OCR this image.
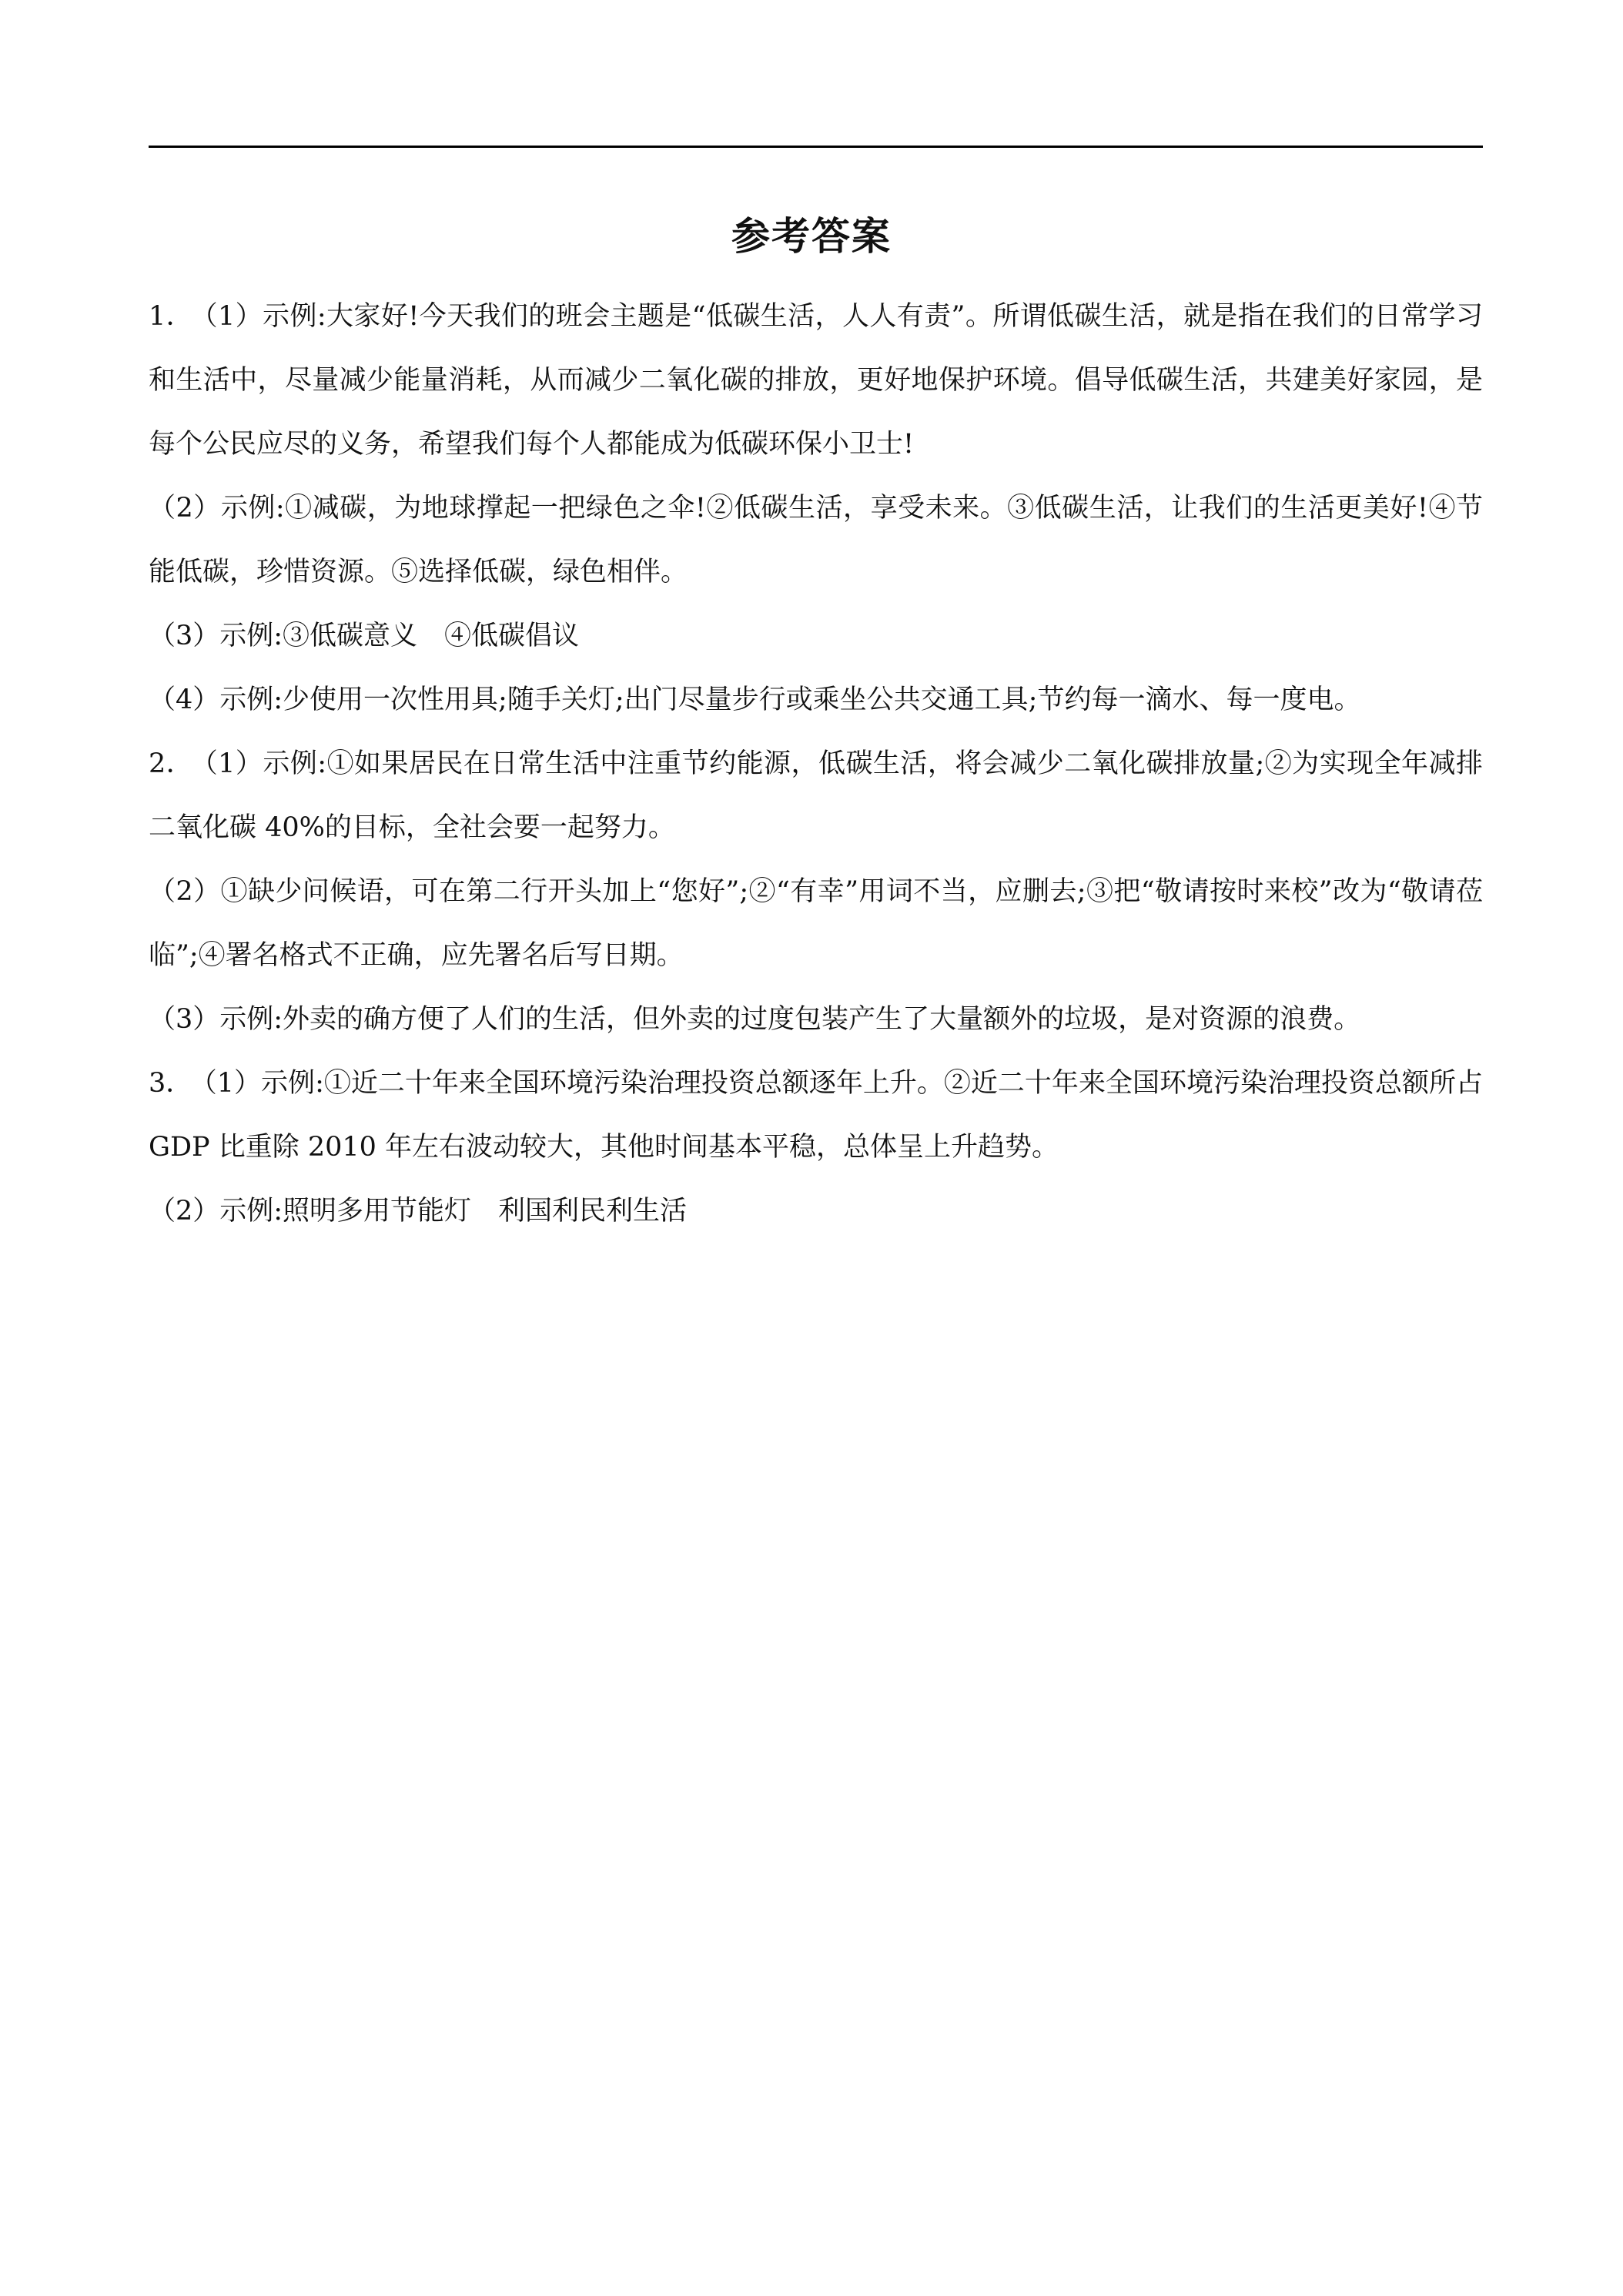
参考答案

1． （1）示例:大家好!今天我们的班会主题是“低碳生活，人人有责”。所谓低碳生活，就是指在我们的日常学习和生活中，尽量减少能量消耗，从而减少二氧化碳的排放，更好地保护环境。倡导低碳生活，共建美好家园，是每个公民应尽的义务，希望我们每个人都能成为低碳环保小卫士!

（2）示例:①减碳，为地球撑起一把绿色之伞!②低碳生活，享受未来。③低碳生活，让我们的生活更美好!④节能低碳，珍惜资源。⑤选择低碳，绿色相伴。

（3）示例:③低碳意义　④低碳倡议

（4）示例:少使用一次性用具;随手关灯;出门尽量步行或乘坐公共交通工具;节约每一滴水、每一度电。

2． （1）示例:①如果居民在日常生活中注重节约能源，低碳生活，将会减少二氧化碳排放量;②为实现全年减排二氧化碳 40%的目标，全社会要一起努力。

（2）①缺少问候语，可在第二行开头加上“您好”;②“有幸”用词不当，应删去;③把“敬请按时来校”改为“敬请莅临”;④署名格式不正确，应先署名后写日期。

（3）示例:外卖的确方便了人们的生活，但外卖的过度包装产生了大量额外的垃圾，是对资源的浪费。

3． （1）示例:①近二十年来全国环境污染治理投资总额逐年上升。②近二十年来全国环境污染治理投资总额所占 GDP 比重除 2010 年左右波动较大，其他时间基本平稳，总体呈上升趋势。

（2）示例:照明多用节能灯　利国利民利生活
